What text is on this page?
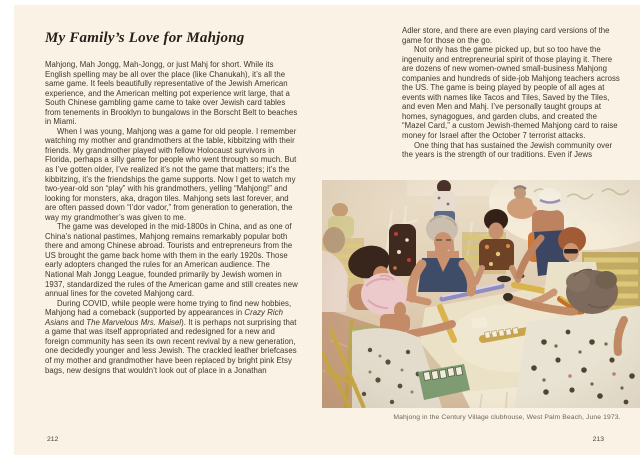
My Family’s Love for Mahjong

Mahjong, Mah Jongg, Mah-Jongg, or just Mahj for short. While its English spelling may be all over the place (like Chanukah), it’s all the same game. It feels beautifully representative of the Jewish American experience, and the American melting pot experience writ large, that a South Chinese gambling game came to take over Jewish card tables from tenements in Brooklyn to bungalows in the Borscht Belt to beaches in Miami.

When I was young, Mahjong was a game for old people. I remember watching my mother and grandmothers at the table, kibbitzing with their friends. My grandmother played with fellow Holocaust survivors in Florida, perhaps a silly game for people who went through so much. But as I’ve gotten older, I’ve realized it’s not the game that matters; it’s the kibbitzing, it’s the friendships the game supports. Now I get to watch my two-year-old son “play” with his grandmothers, yelling “Mahjong!” and looking for monsters, aka, dragon tiles. Mahjong sets last forever, and are often passed down “l’dor vador,” from generation to generation, the way my grandmother’s was given to me.

The game was developed in the mid-1800s in China, and as one of China’s national pastimes, Mahjong remains remarkably popular both there and among Chinese abroad. Tourists and entrepreneurs from the US brought the game back home with them in the early 1920s. Those early adopters changed the rules for an American audience. The National Mah Jongg League, founded primarily by Jewish women in 1937, standardized the rules of the American game and still creates new annual lines for the coveted Mahjong card.

During COVID, while people were home trying to find new hobbies, Mahjong had a comeback (supported by appearances in Crazy Rich Asians and The Marvelous Mrs. Maisel). It is perhaps not surprising that a game that was itself appropriated and redesigned for a new and foreign community has seen its own recent revival by a new generation, one decidedly younger and less Jewish. The crackled leather briefcases of my mother and grandmother have been replaced by bright pink Etsy bags, new designs that wouldn’t look out of place in a Jonathan

Adler store, and there are even playing card versions of the game for those on the go.

Not only has the game picked up, but so too have the ingenuity and entrepreneurial spirit of those playing it. There are dozens of new women-owned small-business Mahjong companies and hundreds of side-job Mahjong teachers across the US. The game is being played by people of all ages at events with names like Tacos and Tiles, Saved by the Tiles, and even Men and Mahj. I’ve personally taught groups at homes, synagogues, and garden clubs, and created the “Mazel Card,” a custom Jewish-themed Mahjong card to raise money for Israel after the October 7 terrorist attacks.

One thing that has sustained the Jewish community over the years is the strength of our traditions. Even if Jews

Mahjong in the Century Village clubhouse, West Palm Beach, June 1973.
212	213
